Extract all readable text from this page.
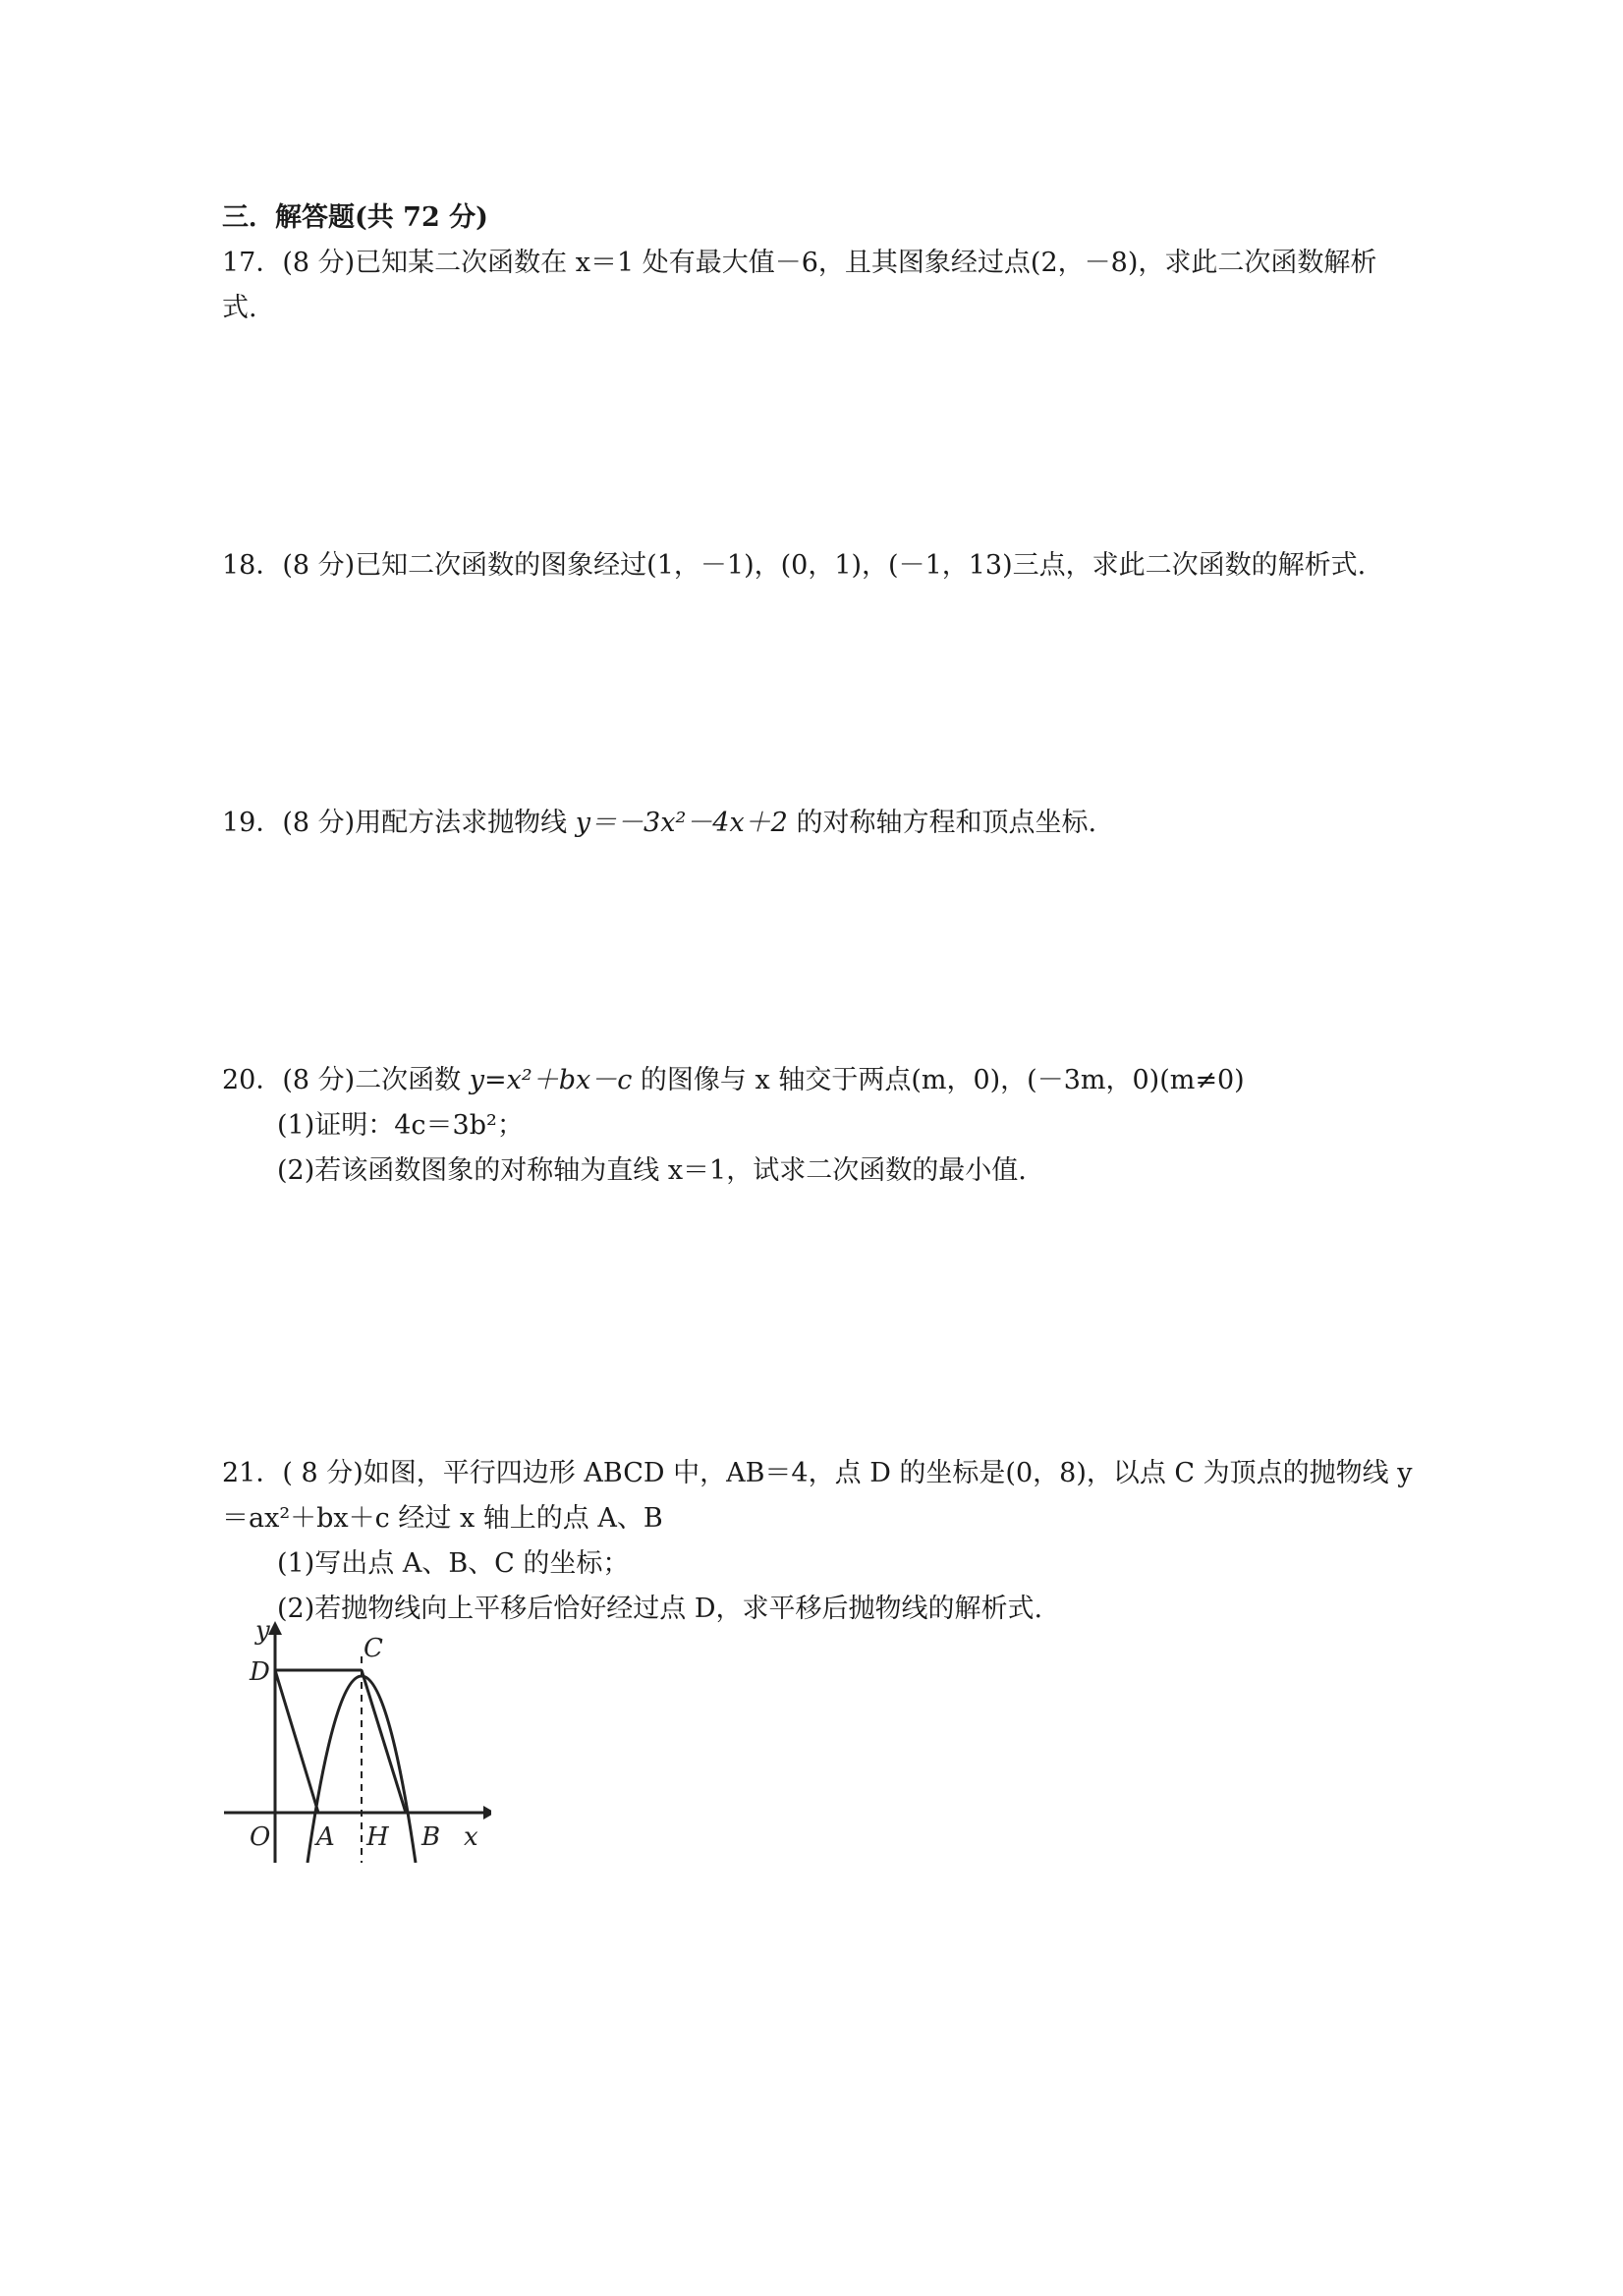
三．解答题(共 72 分)
17．(8 分)已知某二次函数在 x＝1 处有最大值－6，且其图象经过点(2，－8)，求此二次函数解析
式.
18．(8 分)已知二次函数的图象经过(1，－1)，(0，1)，(－1，13)三点，求此二次函数的解析式.
19．(8 分)用配方法求抛物线 y＝－3x²－4x＋2 的对称轴方程和顶点坐标.
20．(8 分)二次函数 y=x²＋bx－c 的图像与 x 轴交于两点(m，0)，(－3m，0)(m≠0)
(1)证明：4c＝3b²；
(2)若该函数图象的对称轴为直线 x＝1，试求二次函数的最小值.
21．( 8 分)如图，平行四边形 ABCD 中，AB＝4，点 D 的坐标是(0，8)，以点 C 为顶点的抛物线 y
＝ax²＋bx＋c 经过 x 轴上的点 A、B
(1)写出点 A、B、C 的坐标；
(2)若抛物线向上平移后恰好经过点 D，求平移后抛物线的解析式.
y
D
C
O A H B x
